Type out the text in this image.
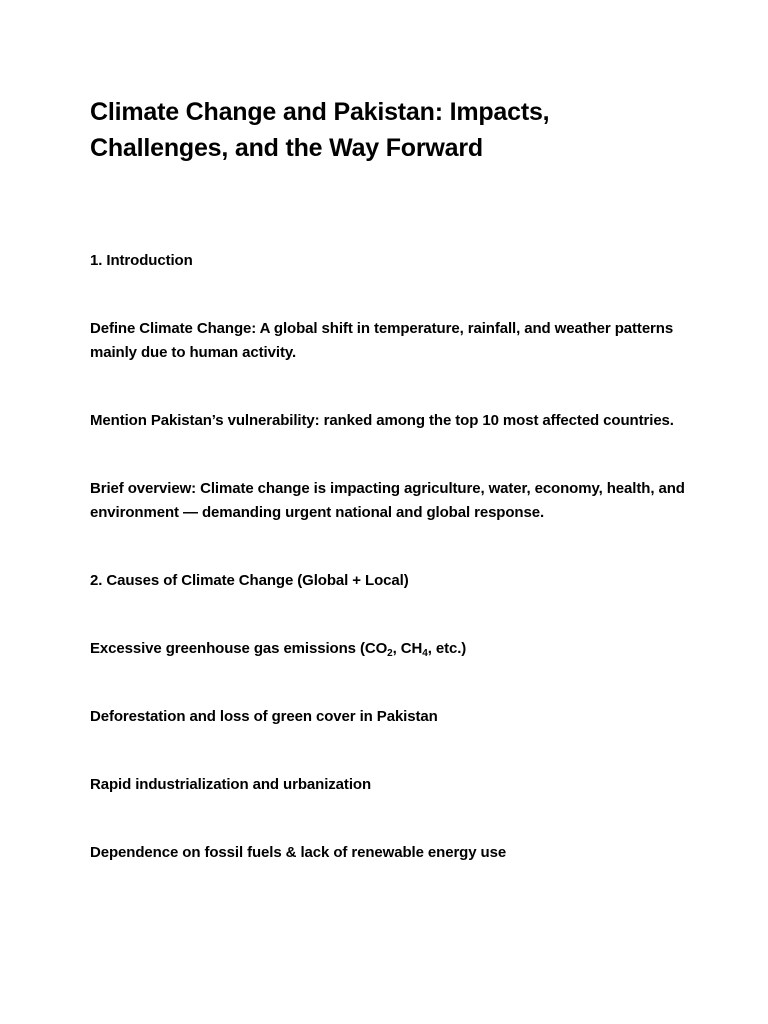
Climate Change and Pakistan: Impacts, Challenges, and the Way Forward

1. Introduction

Define Climate Change: A global shift in temperature, rainfall, and weather patterns mainly due to human activity.

Mention Pakistan’s vulnerability: ranked among the top 10 most affected countries.

Brief overview: Climate change is impacting agriculture, water, economy, health, and environment — demanding urgent national and global response.

2. Causes of Climate Change (Global + Local)

Excessive greenhouse gas emissions ($CO_2$, $CH_4$, etc.)

Deforestation and loss of green cover in Pakistan

Rapid industrialization and urbanization

Dependence on fossil fuels & lack of renewable energy use
